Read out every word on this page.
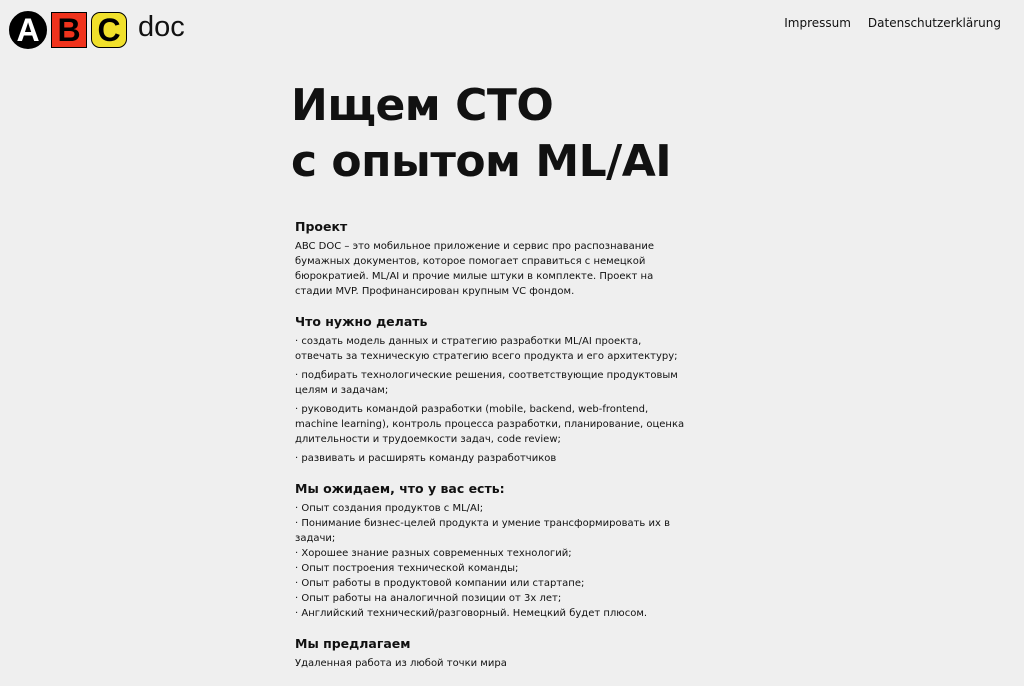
A B C doc	Impressum Datenschutzerklärung
Ищем CTO
с опытом ML/AI
Проект

ABC DOC – это мобильное приложение и сервис про распознавание бумажных документов, которое помогает справиться с немецкой бюрократией. ML/AI и прочие милые штуки в комплекте. Проект на стадии MVP. Профинансирован крупным VC фондом.

Что нужно делать

· создать модель данных и стратегию разработки ML/AI проекта, отвечать за техническую стратегию всего продукта и его архитектуру;

· подбирать технологические решения, соответствующие продуктовым целям и задачам;

· руководить командой разработки (mobile, backend, web-frontend, machine learning), контроль процесса разработки, планирование, оценка длительности и трудоемкости задач, code review;

· развивать и расширять команду разработчиков

Мы ожидаем, что у вас есть:

· Опыт создания продуктов с ML/AI;

· Понимание бизнес-целей продукта и умение трансформировать их в задачи;

· Хорошее знание разных современных технологий;

· Опыт построения технической команды;

· Опыт работы в продуктовой компании или стартапе;

· Опыт работы на аналогичной позиции от 3х лет;

· Английский технический/разговорный. Немецкий будет плюсом.

Мы предлагаем

Удаленная работа из любой точки мира
